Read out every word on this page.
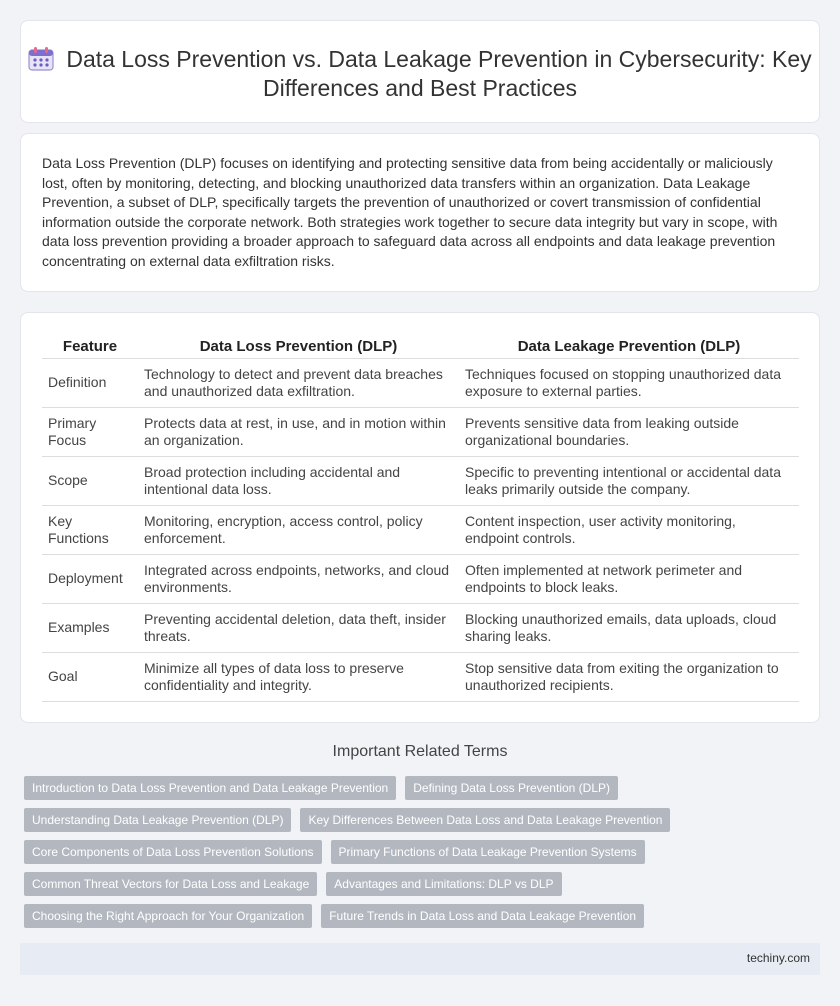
Data Loss Prevention vs. Data Leakage Prevention in Cybersecurity: Key Differences and Best Practices

Data Loss Prevention (DLP) focuses on identifying and protecting sensitive data from being accidentally or maliciously lost, often by monitoring, detecting, and blocking unauthorized data transfers within an organization. Data Leakage Prevention, a subset of DLP, specifically targets the prevention of unauthorized or covert transmission of confidential information outside the corporate network. Both strategies work together to secure data integrity but vary in scope, with data loss prevention providing a broader approach to safeguard data across all endpoints and data leakage prevention concentrating on external data exfiltration risks.

Feature	Data Loss Prevention (DLP)	Data Leakage Prevention (DLP)
Definition	Technology to detect and prevent data breaches and unauthorized data exfiltration.	Techniques focused on stopping unauthorized data exposure to external parties.
Primary Focus	Protects data at rest, in use, and in motion within an organization.	Prevents sensitive data from leaking outside organizational boundaries.
Scope	Broad protection including accidental and intentional data loss.	Specific to preventing intentional or accidental data leaks primarily outside the company.
Key Functions	Monitoring, encryption, access control, policy enforcement.	Content inspection, user activity monitoring, endpoint controls.
Deployment	Integrated across endpoints, networks, and cloud environments.	Often implemented at network perimeter and endpoints to block leaks.
Examples	Preventing accidental deletion, data theft, insider threats.	Blocking unauthorized emails, data uploads, cloud sharing leaks.
Goal	Minimize all types of data loss to preserve confidentiality and integrity.	Stop sensitive data from exiting the organization to unauthorized recipients.
Important Related Terms
Introduction to Data Loss Prevention and Data Leakage Prevention Defining Data Loss Prevention (DLP)
Understanding Data Leakage Prevention (DLP) Key Differences Between Data Loss and Data Leakage Prevention
Core Components of Data Loss Prevention Solutions Primary Functions of Data Leakage Prevention Systems
Common Threat Vectors for Data Loss and Leakage Advantages and Limitations: DLP vs DLP
Choosing the Right Approach for Your Organization Future Trends in Data Loss and Data Leakage Prevention
techiny.com
